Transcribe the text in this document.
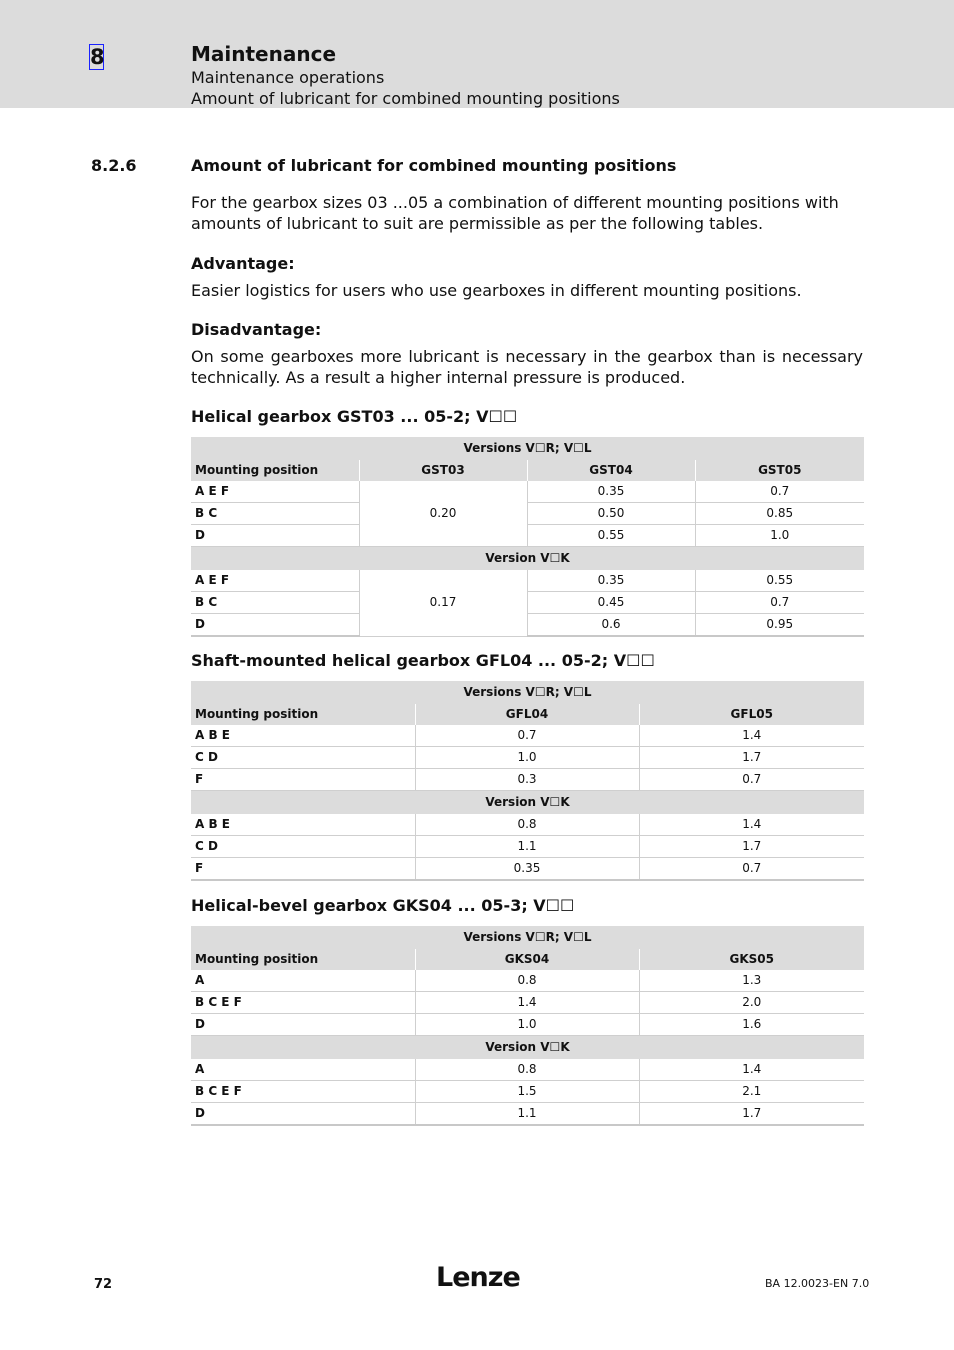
8	Maintenance
Maintenance operations
Amount of lubricant for combined mounting positions
8.2.6	Amount of lubricant for combined mounting positions
For the gearbox sizes 03 ...05 a combination of different mounting positions with amounts of lubricant to suit are permissible as per the following tables.
Advantage:
Easier logistics for users who use gearboxes in different mounting positions.
Disadvantage:
On some gearboxes more lubricant is necessary in the gearbox than is necessary technically. As a result a higher internal pressure is produced.
Helical gearbox GST03 ... 05-2; V☐☐
Versions V☐R; V☐L			
Mounting position	GST03	GST04	GST05
A E F	0.20	0.35	0.7
B C		0.50	0.85
D		0.55	1.0
Version V☐K			
A E F	0.17	0.35	0.55
B C		0.45	0.7
D		0.6	0.95
Shaft-mounted helical gearbox GFL04 ... 05-2; V☐☐
Versions V☐R; V☐L		
Mounting position	GFL04	GFL05
A B E	0.7	1.4
C D	1.0	1.7
F	0.3	0.7
Version V☐K		
A B E	0.8	1.4
C D	1.1	1.7
F	0.35	0.7
Helical-bevel gearbox GKS04 ... 05-3; V☐☐
Versions V☐R; V☐L		
Mounting position	GKS04	GKS05
A	0.8	1.3
B C E F	1.4	2.0
D	1.0	1.6
Version V☐K		
A	0.8	1.4
B C E F	1.5	2.1
D	1.1	1.7
72	Lenze	BA 12.0023-EN 7.0
